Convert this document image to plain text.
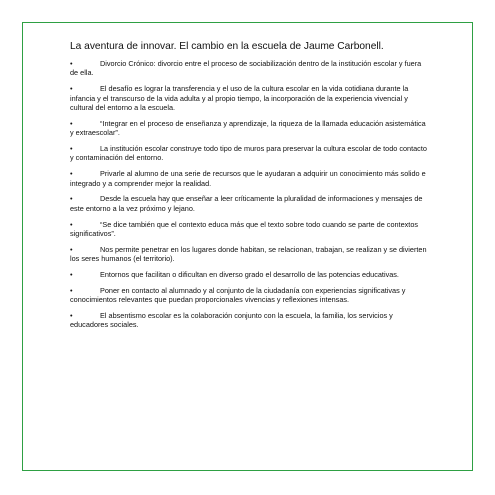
La aventura de innovar. El cambio en la escuela de Jaume Carbonell.
•	Divorcio Crónico: divorcio entre el proceso de sociabilización dentro de la institución escolar y fuera de ella.
•	El desafío es lograr la transferencia y el uso de la cultura escolar en la vida cotidiana durante la infancia y el transcurso de la vida adulta y al propio tiempo, la incorporación de la experiencia vivencial y cultural del entorno a la escuela.
•	“Integrar en el proceso de enseñanza y aprendizaje, la riqueza de la llamada educación asistemática y extraescolar”.
•	La institución escolar construye todo tipo de muros para preservar la cultura escolar de todo contacto y contaminación del entorno.
•	Privarle al alumno de una serie de recursos que le ayudaran a adquirir un conocimiento más solido e integrado y a comprender mejor la realidad.
•	Desde la escuela hay que enseñar a leer críticamente la pluralidad de informaciones y mensajes de este entorno a la vez próximo y lejano.
•	“Se dice también que el contexto educa más que el texto sobre todo cuando se parte de contextos significativos”.
•	Nos permite penetrar en los lugares donde habitan, se relacionan, trabajan, se realizan y se divierten los seres humanos (el territorio).
•	Entornos que facilitan o dificultan en diverso grado el desarrollo de las potencias educativas.
•	Poner en contacto al alumnado y al conjunto de la ciudadanía con experiencias significativas y conocimientos relevantes que puedan proporcionales vivencias y reflexiones intensas.
•	El absentismo escolar es la colaboración conjunto con la escuela, la familia, los servicios y educadores sociales.
